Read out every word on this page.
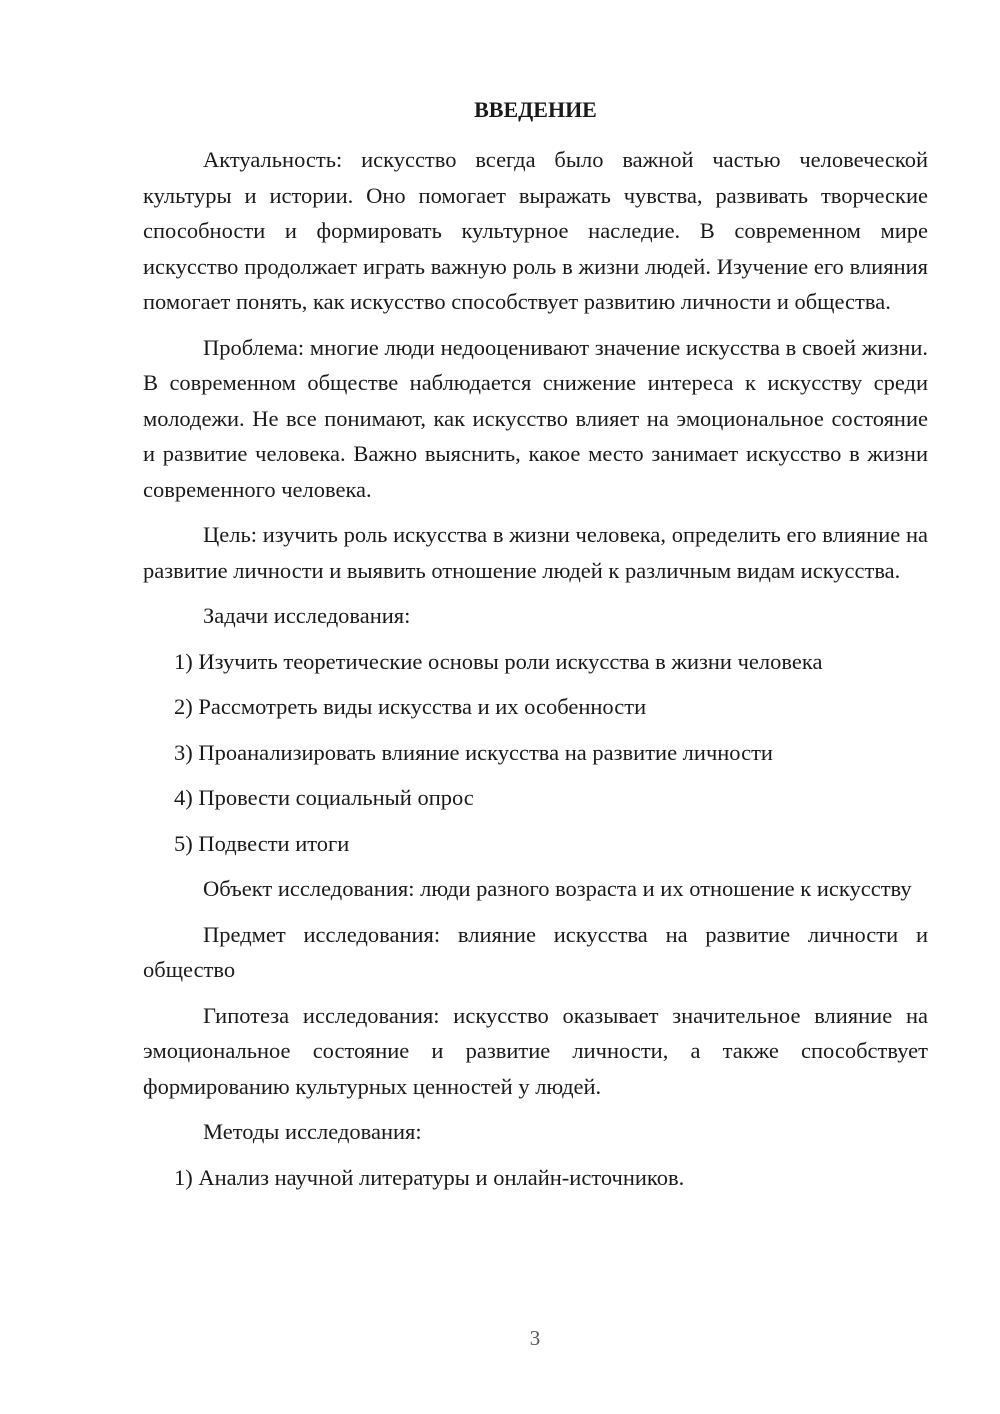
ВВЕДЕНИЕ

Актуальность: искусство всегда было важной частью человеческой культуры и истории. Оно помогает выражать чувства, развивать творческие способности и формировать культурное наследие. В современном мире искусство продолжает играть важную роль в жизни людей. Изучение его влияния помогает понять, как искусство способствует развитию личности и общества.

Проблема: многие люди недооценивают значение искусства в своей жизни. В современном обществе наблюдается снижение интереса к искусству среди молодежи. Не все понимают, как искусство влияет на эмоциональное состояние и развитие человека. Важно выяснить, какое место занимает искусство в жизни современного человека.

Цель: изучить роль искусства в жизни человека, определить его влияние на развитие личности и выявить отношение людей к различным видам искусства.

Задачи исследования:

1) Изучить теоретические основы роли искусства в жизни человека
2) Рассмотреть виды искусства и их особенности
3) Проанализировать влияние искусства на развитие личности
4) Провести социальный опрос
5) Подвести итоги

Объект исследования: люди разного возраста и их отношение к искусству

Предмет исследования: влияние искусства на развитие личности и общество

Гипотеза исследования: искусство оказывает значительное влияние на эмоциональное состояние и развитие личности, а также способствует формированию культурных ценностей у людей.

Методы исследования:

1) Анализ научной литературы и онлайн-источников.
3
